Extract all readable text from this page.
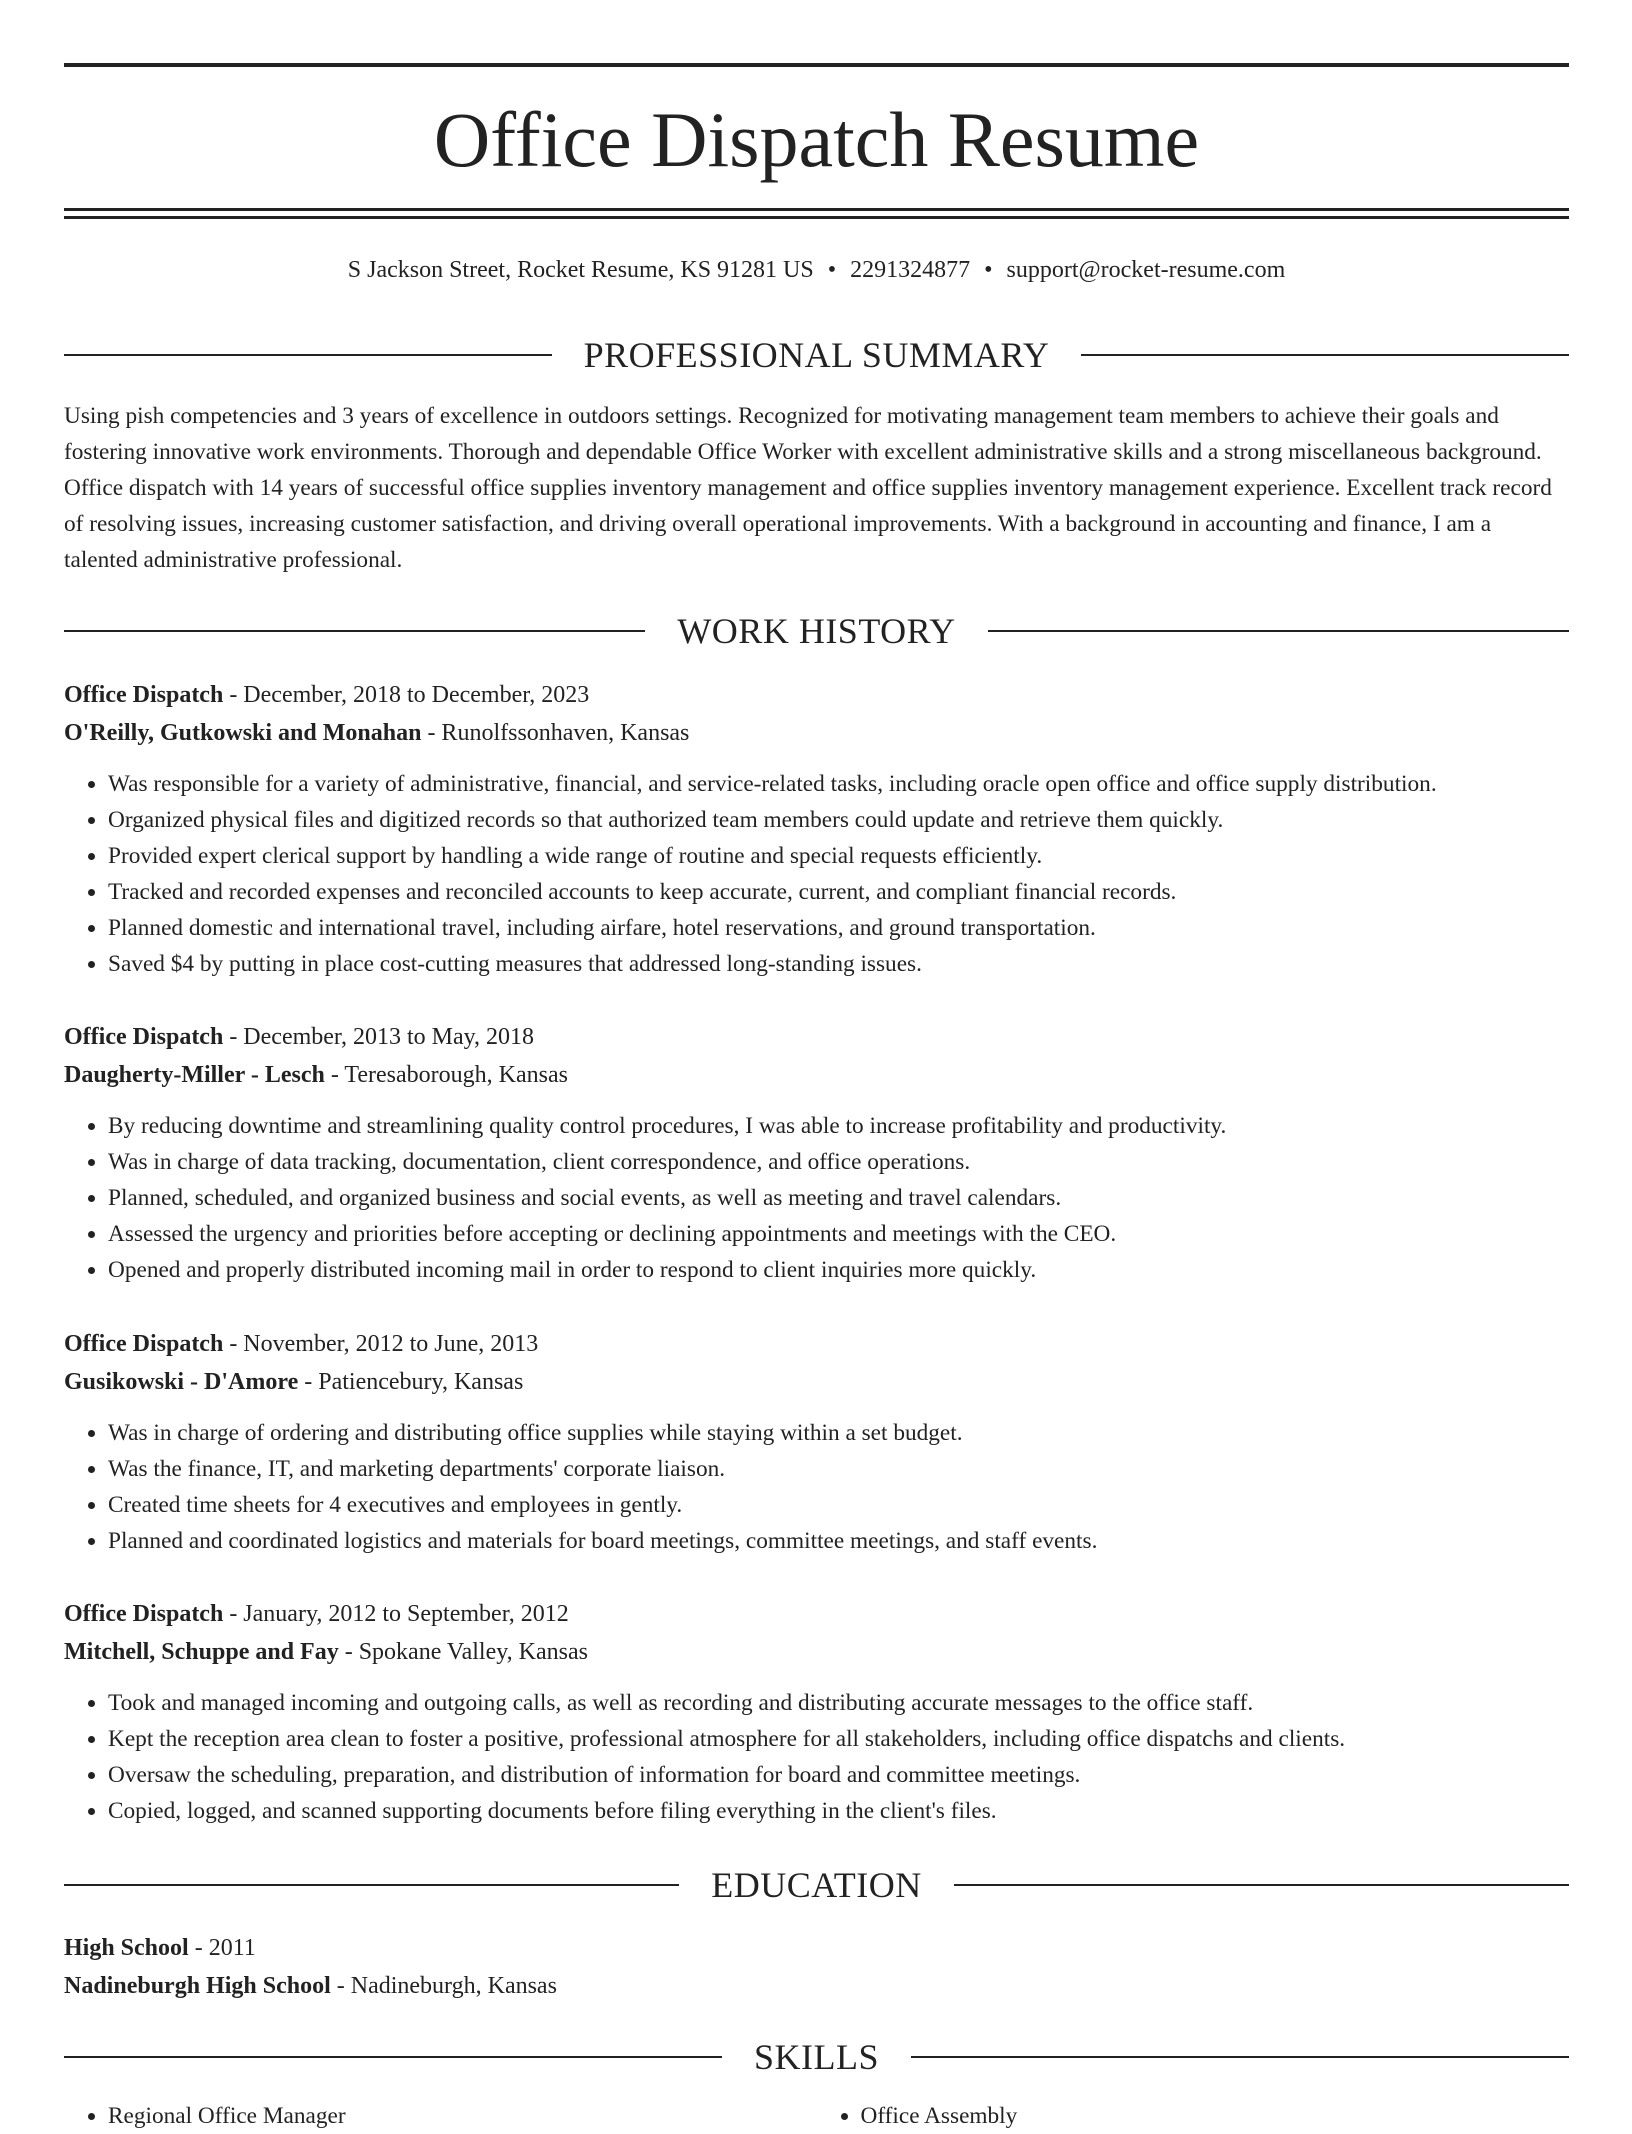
Office Dispatch Resume
S Jackson Street, Rocket Resume, KS 91281 US • 2291324877 • support@rocket-resume.com
PROFESSIONAL SUMMARY

Using pish competencies and 3 years of excellence in outdoors settings. Recognized for motivating management team members to achieve their goals and fostering innovative work environments. Thorough and dependable Office Worker with excellent administrative skills and a strong miscellaneous background. Office dispatch with 14 years of successful office supplies inventory management and office supplies inventory management experience. Excellent track record of resolving issues, increasing customer satisfaction, and driving overall operational improvements. With a background in accounting and finance, I am a talented administrative professional.

WORK HISTORY
Office Dispatch - December, 2018 to December, 2023
O'Reilly, Gutkowski and Monahan - Runolfssonhaven, Kansas
• Was responsible for a variety of administrative, financial, and service-related tasks, including oracle open office and office supply distribution.
• Organized physical files and digitized records so that authorized team members could update and retrieve them quickly.
• Provided expert clerical support by handling a wide range of routine and special requests efficiently.
• Tracked and recorded expenses and reconciled accounts to keep accurate, current, and compliant financial records.
• Planned domestic and international travel, including airfare, hotel reservations, and ground transportation.
• Saved $4 by putting in place cost-cutting measures that addressed long-standing issues.
Office Dispatch - December, 2013 to May, 2018
Daugherty-Miller - Lesch - Teresaborough, Kansas
• By reducing downtime and streamlining quality control procedures, I was able to increase profitability and productivity.
• Was in charge of data tracking, documentation, client correspondence, and office operations.
• Planned, scheduled, and organized business and social events, as well as meeting and travel calendars.
• Assessed the urgency and priorities before accepting or declining appointments and meetings with the CEO.
• Opened and properly distributed incoming mail in order to respond to client inquiries more quickly.
Office Dispatch - November, 2012 to June, 2013
Gusikowski - D'Amore - Patiencebury, Kansas
• Was in charge of ordering and distributing office supplies while staying within a set budget.
• Was the finance, IT, and marketing departments' corporate liaison.
• Created time sheets for 4 executives and employees in gently.
• Planned and coordinated logistics and materials for board meetings, committee meetings, and staff events.
Office Dispatch - January, 2012 to September, 2012
Mitchell, Schuppe and Fay - Spokane Valley, Kansas
• Took and managed incoming and outgoing calls, as well as recording and distributing accurate messages to the office staff.
• Kept the reception area clean to foster a positive, professional atmosphere for all stakeholders, including office dispatchs and clients.
• Oversaw the scheduling, preparation, and distribution of information for board and committee meetings.
• Copied, logged, and scanned supporting documents before filing everything in the client's files.
EDUCATION
High School - 2011
Nadineburgh High School - Nadineburgh, Kansas
SKILLS
• Regional Office Manager
•	Office Assembly
